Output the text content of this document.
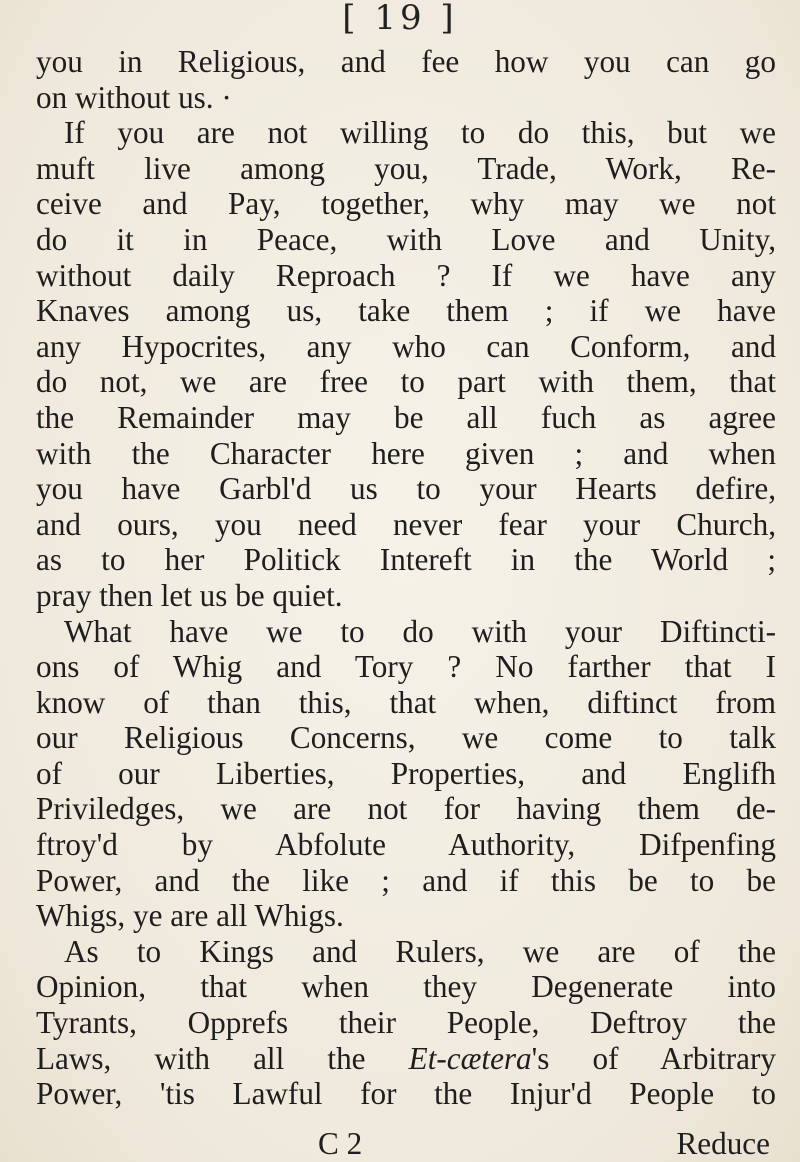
[ 19 ]
you in Religious, and fee how you can go
on without us. ·
If you are not willing to do this, but we
muft live among you, Trade, Work, Re-
ceive and Pay, together, why may we not
do it in Peace, with Love and Unity,
without daily Reproach ? If we have any
Knaves among us, take them ; if we have
any Hypocrites, any who can Conform, and
do not, we are free to part with them, that
the Remainder may be all fuch as agree
with the Character here given ; and when
you have Garbl'd us to your Hearts defire,
and ours, you need never fear your Church,
as to her Politick Intereft in the World ;
pray then let us be quiet.
What have we to do with your Diftincti-
ons of Whig and Tory ? No farther that I
know of than this, that when, diftinct from
our Religious Concerns, we come to talk
of our Liberties, Properties, and Englifh
Priviledges, we are not for having them de-
ftroy'd by Abfolute Authority, Difpenfing
Power, and the like ; and if this be to be
Whigs, ye are all Whigs.
As to Kings and Rulers, we are of the
Opinion, that when they Degenerate into
Tyrants, Opprefs their People, Deftroy the
Laws, with all the Et-cætera's of Arbitrary
Power, 'tis Lawful for the Injur'd People to
C 2	Reduce
